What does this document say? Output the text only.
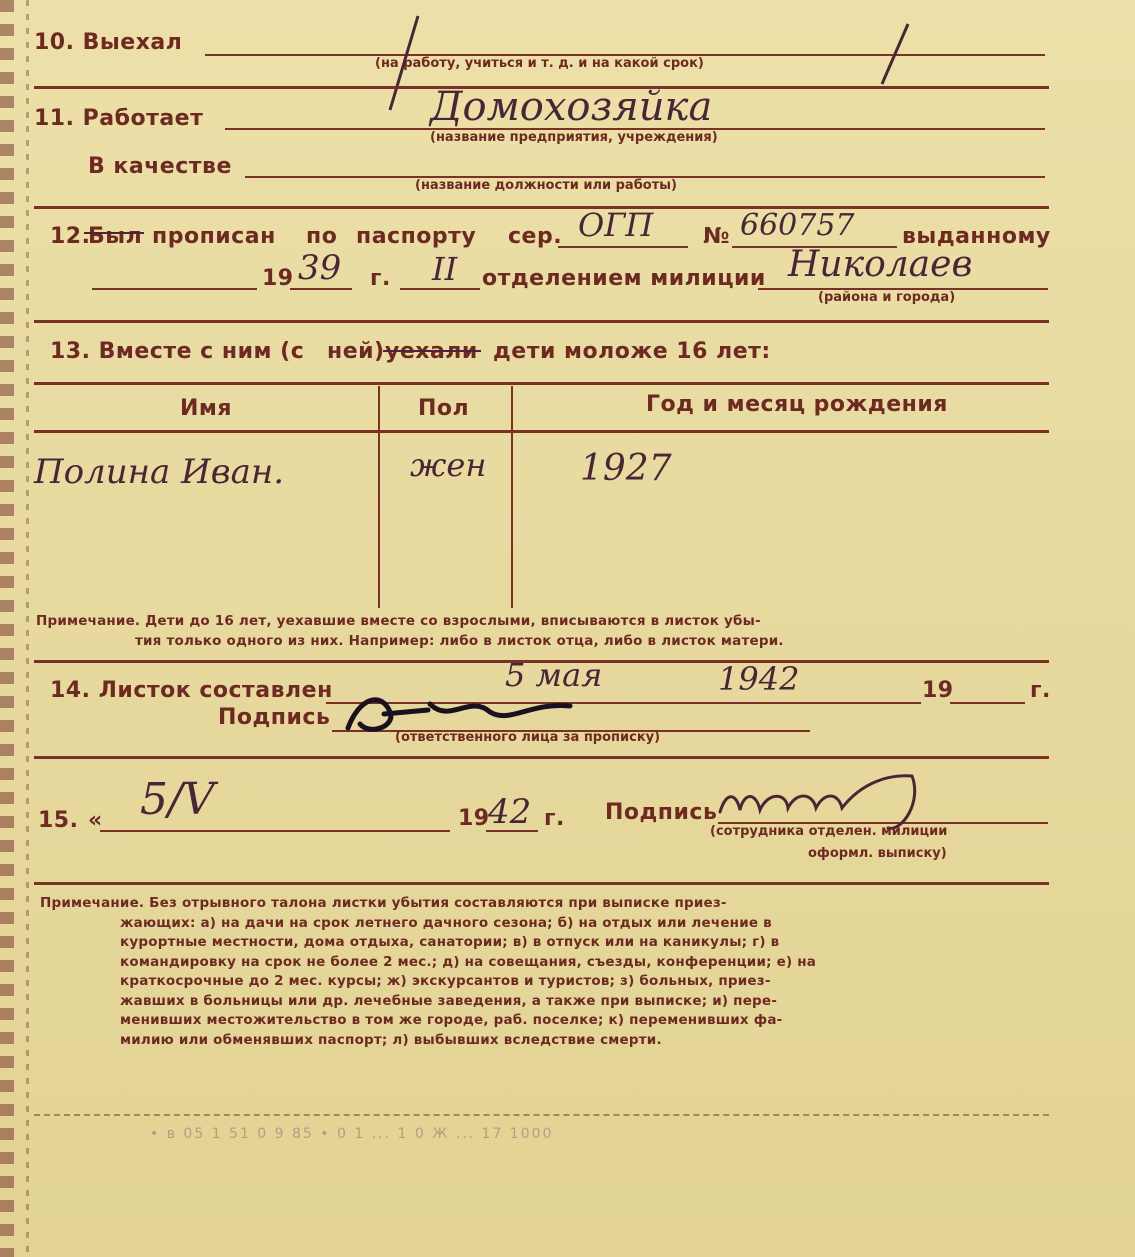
10. Выехал
(на работу, учиться и т. д. и на какой срок)
11. Работает	Домохозяйка
(название предприятия, учреждения)
В качестве
(название должности или работы)
12.
Был прописан по паспорту сер. ОГП № 660757 выданному
19 39 г. II отделением милиции Николаев
(района и города)
13. Вместе с ним (с ней) уехали дети моложе 16 лет:
Имя	Пол	Год и месяц рождения
Полина Иван.	жен	1927
Примечание. Дети до 16 лет, уехавшие вместе со взрослыми, вписываются в листок убы-
тия только одного из них. Например: либо в листок отца, либо в листок матери.
14. Листок составлен	5 мая	1942	19	г.
Подпись
(ответственного лица за прописку)
15. « 5/V	19
42 г. Подпись
(сотрудника отделен. милиции
оформл. выписку)
Примечание. Без отрывного талона листки убытия составляются при выписке приез-
жающих: а) на дачи на срок летнего дачного сезона; б) на отдых или лечение в
курортные местности, дома отдыха, санатории; в) в отпуск или на каникулы; г) в
командировку на срок не более 2 мес.; д) на совещания, съезды, конференции; е) на
краткосрочные до 2 мес. курсы; ж) экскурсантов и туристов; з) больных, приез-
жавших в больницы или др. лечебные заведения, а также при выписке; и) пере-
менивших местожительство в том же городе, раб. поселке; к) переменивших фа-
милию или обменявших паспорт; л) выбывших вследствие смерти.
• в 05 1 51 0 9 85 • 0 1 ... 1 0 Ж ... 17 1000
